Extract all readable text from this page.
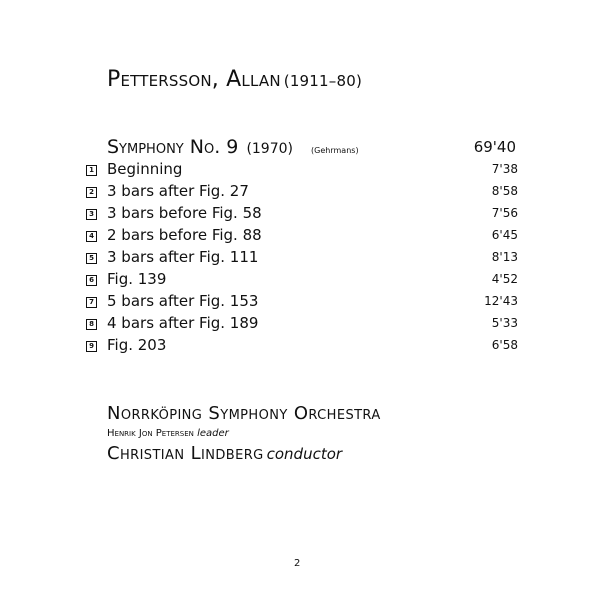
Pettersson, Allan (1911–80)
Symphony No. 9 (1970) (Gehrmans)	69'40
1 Beginning	7'38
2 3 bars after Fig. 27	8'58
3 3 bars before Fig. 58	7'56
4 2 bars before Fig. 88	6'45
5 3 bars after Fig. 111	8'13
6 Fig. 139	4'52
7 5 bars after Fig. 153	12'43
8 4 bars after Fig. 189	5'33
9 Fig. 203	6'58
Norrköping Symphony Orchestra
Henrik Jon Petersen leader
Christian Lindberg conductor
2
